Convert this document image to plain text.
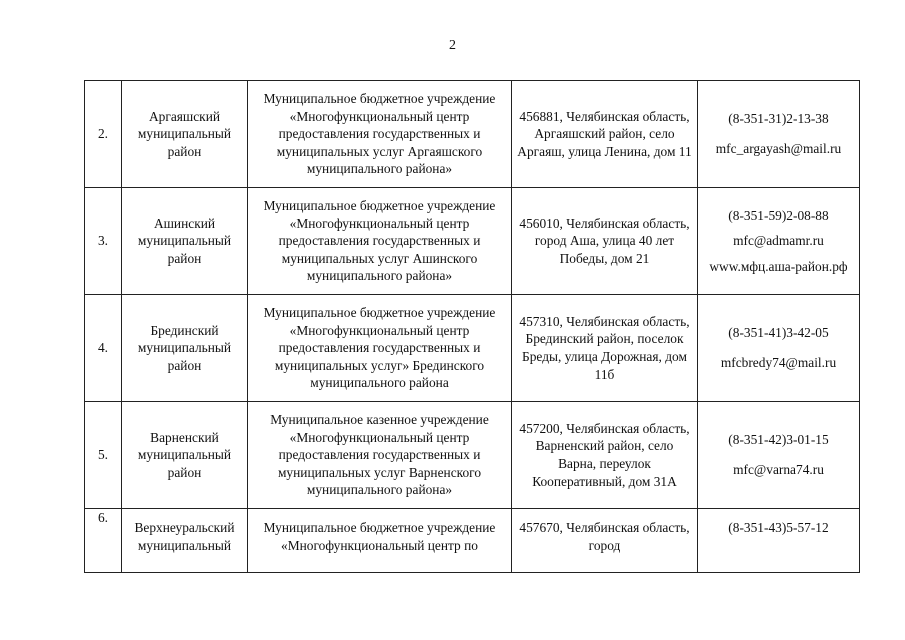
2
2.	Аргаяшский муниципальный район	Муниципальное бюджетное учреждение «Многофункциональный центр предоставления государственных и муниципальных услуг Аргаяшского муниципального района»	456881, Челябинская область, Аргаяшский район, село Аргаяш, улица Ленина, дом 11	(8-351-31)2-13-38
mfc_argayash@mail.ru

3.	Ашинский муниципальный район	Муниципальное бюджетное учреждение «Многофункциональный центр предоставления государственных и муниципальных услуг Ашинского муниципального района»	456010, Челябинская область, город Аша, улица 40 лет Победы, дом 21	(8-351-59)2-08-88
mfc@admamr.ru
www.мфц.аша-район.рф

4.	Брединский муниципальный район	Муниципальное бюджетное учреждение «Многофункциональный центр предоставления государственных и муниципальных услуг» Брединского муниципального района	457310, Челябинская область, Брединский район, поселок Бреды, улица Дорожная, дом 11б	(8-351-41)3-42-05
mfcbredy74@mail.ru

5.	Варненский муниципальный район	Муниципальное казенное учреждение «Многофункциональный центр предоставления государственных и муниципальных услуг Варненского муниципального района»	457200, Челябинская область, Варненский район, село Варна, переулок Кооперативный, дом 31А	(8-351-42)3-01-15
mfc@varna74.ru

6.	Верхнеуральский муниципальный	Муниципальное бюджетное учреждение «Многофункциональный центр по	457670, Челябинская область, город	(8-351-43)5-57-12
